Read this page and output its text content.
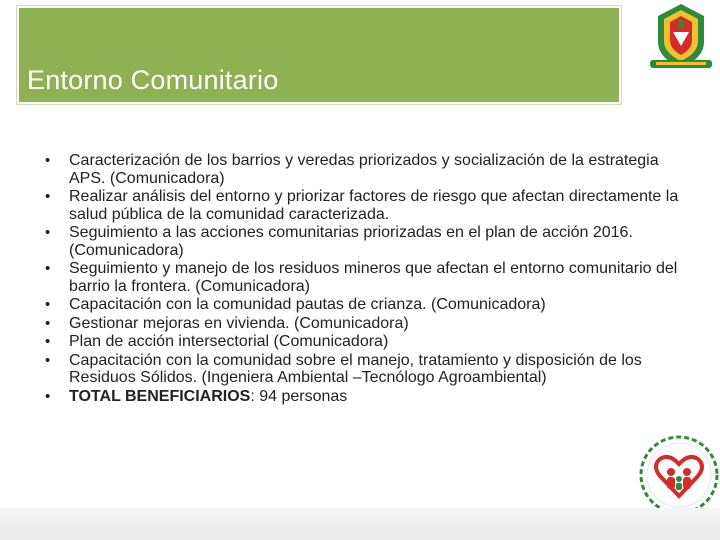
Entorno Comunitario
• Caracterización de los barrios y veredas priorizados y socialización de la estrategia APS. (Comunicadora)
• Realizar análisis del entorno y priorizar factores de riesgo que afectan directamente la salud pública de la comunidad caracterizada.
• Seguimiento a las acciones comunitarias priorizadas en el plan de acción 2016. (Comunicadora)
• Seguimiento y manejo de los residuos mineros que afectan el entorno comunitario del barrio la frontera. (Comunicadora)
• Capacitación con la comunidad pautas de crianza. (Comunicadora)
• Gestionar mejoras en vivienda. (Comunicadora)
• Plan de acción intersectorial (Comunicadora)
• Capacitación con la comunidad sobre el manejo, tratamiento y disposición de los Residuos Sólidos. (Ingeniera Ambiental –Tecnólogo Agroambiental)
• TOTAL BENEFICIARIOS: 94 personas
